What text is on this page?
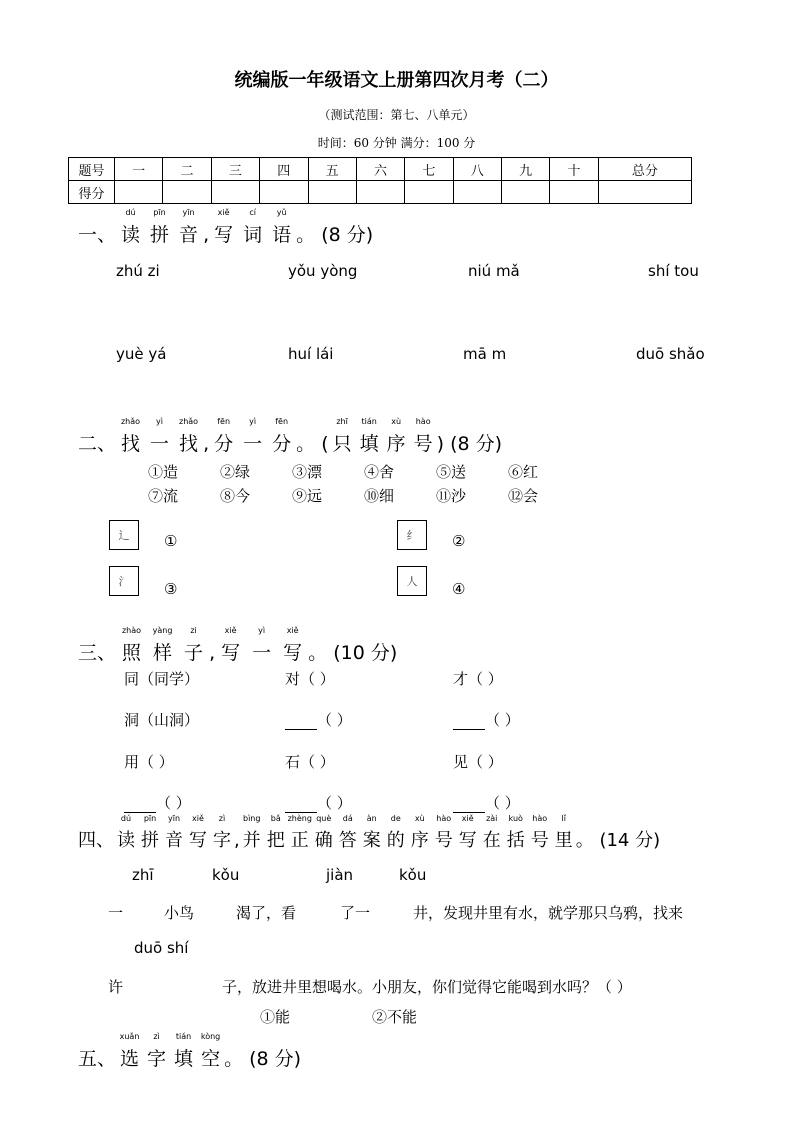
统编版一年级语文上册第四次月考（二）
（测试范围：第七、八单元）
时间：60 分钟 满分：100 分
题号	一	二	三	四	五	六	七	八	九	十	总分
得分											
一、
dú
读
pīn
拼
yīn
音 ,
xiě
写
cí
词
yǔ
语 。 (8 分)
zhú zi	yǒu yòng	niú mǎ	shí tou
yuè yá	huí lái	mā m	duō shǎo
二、
zhǎo
找
yì
一
zhǎo
找 ,
fēn
分
yì
一
fēn
分 。 (
zhī
只
tián
填
xù
序
hào
号 ) (8 分)
①造	②绿	③漂	④舍	⑤送	⑥红
⑦流	⑧今	⑨远	⑩细	⑪沙	⑫会
辶	①	纟	②
氵	③	人	④
三、
zhào
照
yàng
样
zi
子 ,
xiě
写
yì
一
xiě
写 。 (10 分)
同（同学）	对（ ）	才（ ）
洞（山洞）	（ ）	（ ）
用（ ）	石（ ）	见（ ）
（ ）	（ ）	（ ）
四、
dú
读
pīn
拼
yīn
音
xiě
写
zì
字 ,
bìng
并
bǎ
把
zhèng
正
què
确
dá
答
àn
案
de
的
xù
序
hào
号
xiě
写
zài
在
kuò
括
hào
号
lǐ
里 。 (14 分)
zhī	kǒu	jiàn	kǒu
一	小鸟	渴了，看	了一	井，发现井里有水，就学那只乌鸦，找来
duō shí
许	子，放进井里想喝水。小朋友，你们觉得它能喝到水吗？（ ）
①能	②不能
五、
xuǎn
选
zì
字
tián
填
kòng
空 。 (8 分)
